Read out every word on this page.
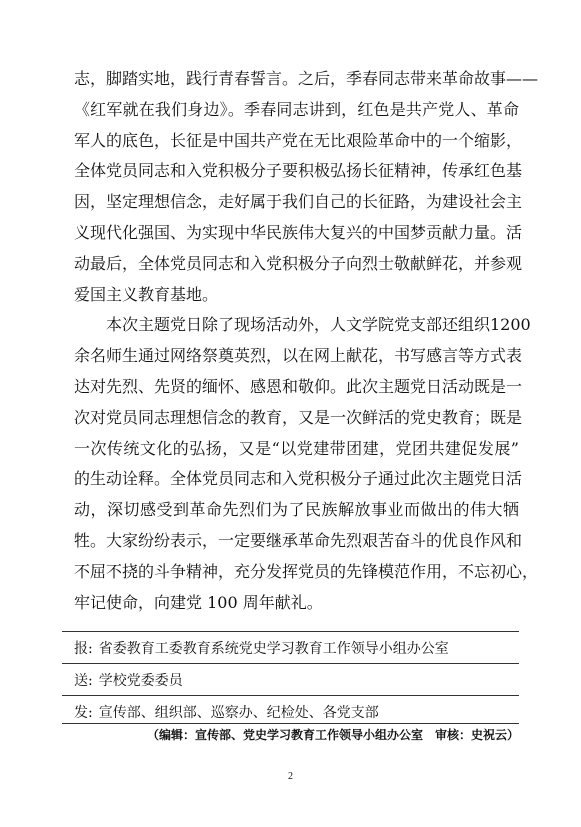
志，脚踏实地，践行青春誓言。之后，季春同志带来革命故事——
《红军就在我们身边》。季春同志讲到，红色是共产党人、革命
军人的底色，长征是中国共产党在无比艰险革命中的一个缩影，
全体党员同志和入党积极分子要积极弘扬长征精神，传承红色基
因，坚定理想信念，走好属于我们自己的长征路，为建设社会主
义现代化强国、为实现中华民族伟大复兴的中国梦贡献力量。活
动最后，全体党员同志和入党积极分子向烈士敬献鲜花，并参观
爱国主义教育基地。
本次主题党日除了现场活动外，人文学院党支部还组织1200
余名师生通过网络祭奠英烈，以在网上献花，书写感言等方式表
达对先烈、先贤的缅怀、感恩和敬仰。此次主题党日活动既是一
次对党员同志理想信念的教育，又是一次鲜活的党史教育；既是
一次传统文化的弘扬，又是“以党建带团建，党团共建促发展”
的生动诠释。全体党员同志和入党积极分子通过此次主题党日活
动，深切感受到革命先烈们为了民族解放事业而做出的伟大牺
牲。大家纷纷表示，一定要继承革命先烈艰苦奋斗的优良作风和
不屈不挠的斗争精神，充分发挥党员的先锋模范作用，不忘初心，
牢记使命，向建党 100 周年献礼。
报: 省委教育工委教育系统党史学习教育工作领导小组办公室
送: 学校党委委员
发: 宣传部、组织部、巡察办、纪检处、各党支部
（编辑：宣传部、党史学习教育工作领导小组办公室　审核：史祝云）
2
